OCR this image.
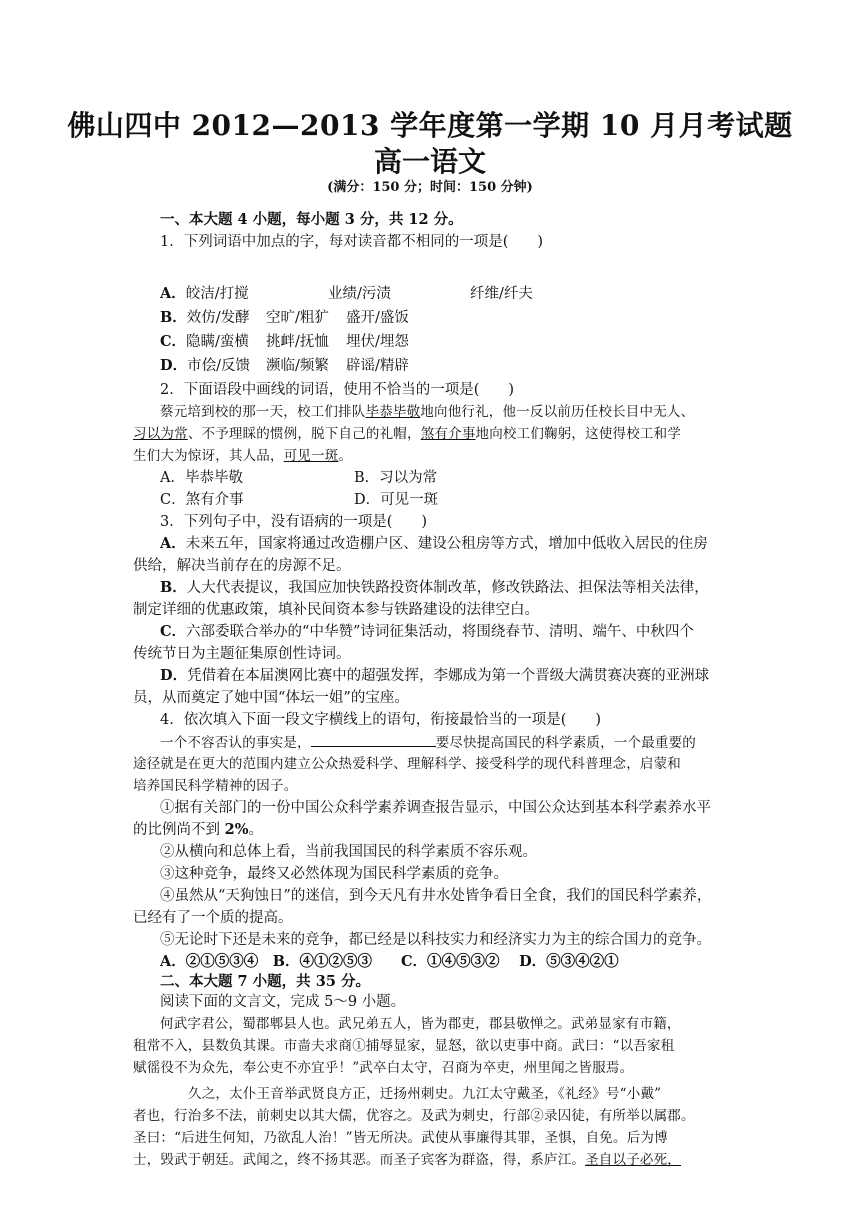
佛山四中 2012—2013 学年度第一学期 10 月月考试题
高一语文
(满分：150 分；时间：150 分钟)
一、本大题 4 小题，每小题 3 分，共 12 分。
1．下列词语中加点的字，每对读音都不相同的一项是(　　)
A．皎洁/打搅	业绩/污渍	纤维/纤夫
B．效仿/发酵 空旷/粗犷 盛开/盛饭
C．隐瞒/蛮横 挑衅/抚恤 埋伏/埋怨
D．市侩/反馈 濒临/频繁 辟谣/精辟
2．下面语段中画线的词语，使用不恰当的一项是(　　)
蔡元培到校的那一天，校工们排队毕恭毕敬地向他行礼，他一反以前历任校长目中无人、
习以为常、不予理睬的惯例，脱下自己的礼帽，煞有介事地向校工们鞠躬，这使得校工和学
生们大为惊讶，其人品，可见一斑。
A．毕恭毕敬	B．习以为常
C．煞有介事	D．可见一斑
3．下列句子中，没有语病的一项是(　　)
A．未来五年，国家将通过改造棚户区、建设公租房等方式，增加中低收入居民的住房
供给，解决当前存在的房源不足。
B．人大代表提议，我国应加快铁路投资体制改革，修改铁路法、担保法等相关法律，
制定详细的优惠政策，填补民间资本参与铁路建设的法律空白。
C．六部委联合举办的“中华赞”诗词征集活动，将围绕春节、清明、端午、中秋四个
传统节日为主题征集原创性诗词。
D．凭借着在本届澳网比赛中的超强发挥，李娜成为第一个晋级大满贯赛决赛的亚洲球
员，从而奠定了她中国“体坛一姐”的宝座。
4．依次填入下面一段文字横线上的语句，衔接最恰当的一项是(　　)
一个不容否认的事实是，	要尽快提高国民的科学素质，一个最重要的
途径就是在更大的范围内建立公众热爱科学、理解科学、接受科学的现代科普理念，启蒙和
培养国民科学精神的因子。
①据有关部门的一份中国公众科学素养调查报告显示，中国公众达到基本科学素养水平
的比例尚不到 2%。
②从横向和总体上看，当前我国国民的科学素质不容乐观。
③这种竞争，最终又必然体现为国民科学素质的竞争。
④虽然从“天狗蚀日”的迷信，到今天凡有井水处皆争看日全食，我们的国民科学素养，
已经有了一个质的提高。
⑤无论时下还是未来的竞争，都已经是以科技实力和经济实力为主的综合国力的竞争。
A．②①⑤③④　B．④①②⑤③　　C．①④⑤③②　 D．⑤③④②①
二、本大题 7 小题，共 35 分。
阅读下面的文言文，完成 5～9 小题。
何武字君公，蜀郡郫县人也。武兄弟五人，皆为郡吏，郡县敬惮之。武弟显家有市籍，
租常不入，县数负其课。市啬夫求商①捕辱显家，显怒，欲以吏事中商。武曰：“以吾家租
赋徭役不为众先，奉公吏不亦宜乎！”武卒白太守，召商为卒吏，州里闻之皆服焉。
久之，太仆王音举武贤良方正，迁扬州刺史。九江太守戴圣，《礼经》号“小戴”
者也，行治多不法，前刺史以其大儒，优容之。及武为刺史，行部②录囚徒，有所举以属郡。
圣曰：“后进生何知，乃欲乱人治！”皆无所决。武使从事廉得其罪，圣惧，自免。后为博
士，毁武于朝廷。武闻之，终不扬其恶。而圣子宾客为群盗，得，系庐江。圣自以子必死，
